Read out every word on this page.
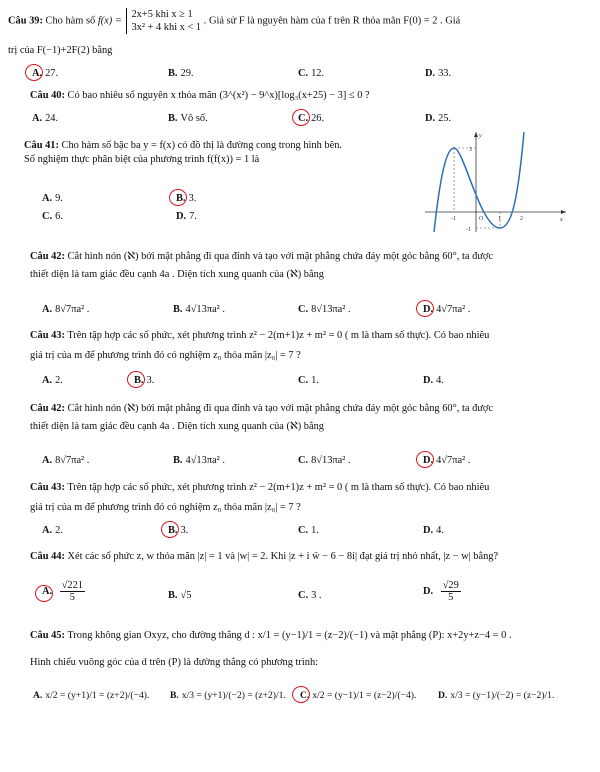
Câu 39: Cho hàm số f(x) =
2x+5 khi x ≥ 1
3x² + 4 khi x < 1
. Giả sử F là nguyên hàm của f trên R thỏa mãn F(0) = 2 . Giá
trị của F(−1)+2F(2) bằng
A. 27.	B. 29.	C. 12.	D. 33.
Câu 40: Có bao nhiêu số nguyên x thỏa mãn (3^(x²) − 9^x)[log₃(x+25) − 3] ≤ 0 ?
A. 24.	B. Vô số.	C. 26.	D. 25.
Câu 41: Cho hàm số bậc ba y = f(x) có đồ thị là đường cong trong hình bên.
Số nghiệm thực phân biệt của phương trình f(f(x)) = 1 là
A. 9.	B. 3.
C. 6.	D. 7.
3
-1
-1	O 1	2	x
y
Câu 42: Cắt hình nón (ℵ) bởi mặt phẳng đi qua đỉnh và tạo với mặt phẳng chứa đáy một góc bằng 60°, ta được
thiết diện là tam giác đều cạnh 4a . Diện tích xung quanh của (ℵ) bằng
A. 8√7πa² .	B. 4√13πa² .	C. 8√13πa² .	D. 4√7πa² .
Câu 43: Trên tập hợp các số phức, xét phương trình z² − 2(m+1)z + m² = 0 ( m là tham số thực). Có bao nhiêu
giá trị của m để phương trình đó có nghiệm z₀ thỏa mãn |z₀| = 7 ?
A. 2.	B. 3.	C. 1.	D. 4.
Câu 42: Cắt hình nón (ℵ) bởi mặt phẳng đi qua đỉnh và tạo với mặt phẳng chứa đáy một góc bằng 60°, ta được
thiết diện là tam giác đều cạnh 4a . Diện tích xung quanh của (ℵ) bằng
A. 8√7πa² .	B. 4√13πa² .	C. 8√13πa² .	D. 4√7πa² .
Câu 43: Trên tập hợp các số phức, xét phương trình z² − 2(m+1)z + m² = 0 ( m là tham số thực). Có bao nhiêu
giá trị của m để phương trình đó có nghiệm z₀ thỏa mãn |z₀| = 7 ?
A. 2.	B. 3.	C. 1.	D. 4.
Câu 44: Xét các số phức z, w thỏa mãn |z| = 1 và |w| = 2. Khi |z + i w̄ − 6 − 8i| đạt giá trị nhỏ nhất, |z − w| bằng?
A. $\frac{√221}{5}$	B. √5	C. 3 .	D. $\frac{√29}{5}$
Câu 45: Trong không gian Oxyz, cho đường thẳng d : x/1 = (y−1)/1 = (z−2)/(−1) và mặt phẳng (P): x+2y+z−4 = 0 .
Hình chiếu vuông góc của d trên (P) là đường thẳng có phương trình:
A. x/2 = (y+1)/1 = (z+2)/(−4). B. x/3 = (y+1)/(−2) = (z+2)/1. C. x/2 = (y−1)/1 = (z−2)/(−4). D. x/3 = (y−1)/(−2) = (z−2)/1.
